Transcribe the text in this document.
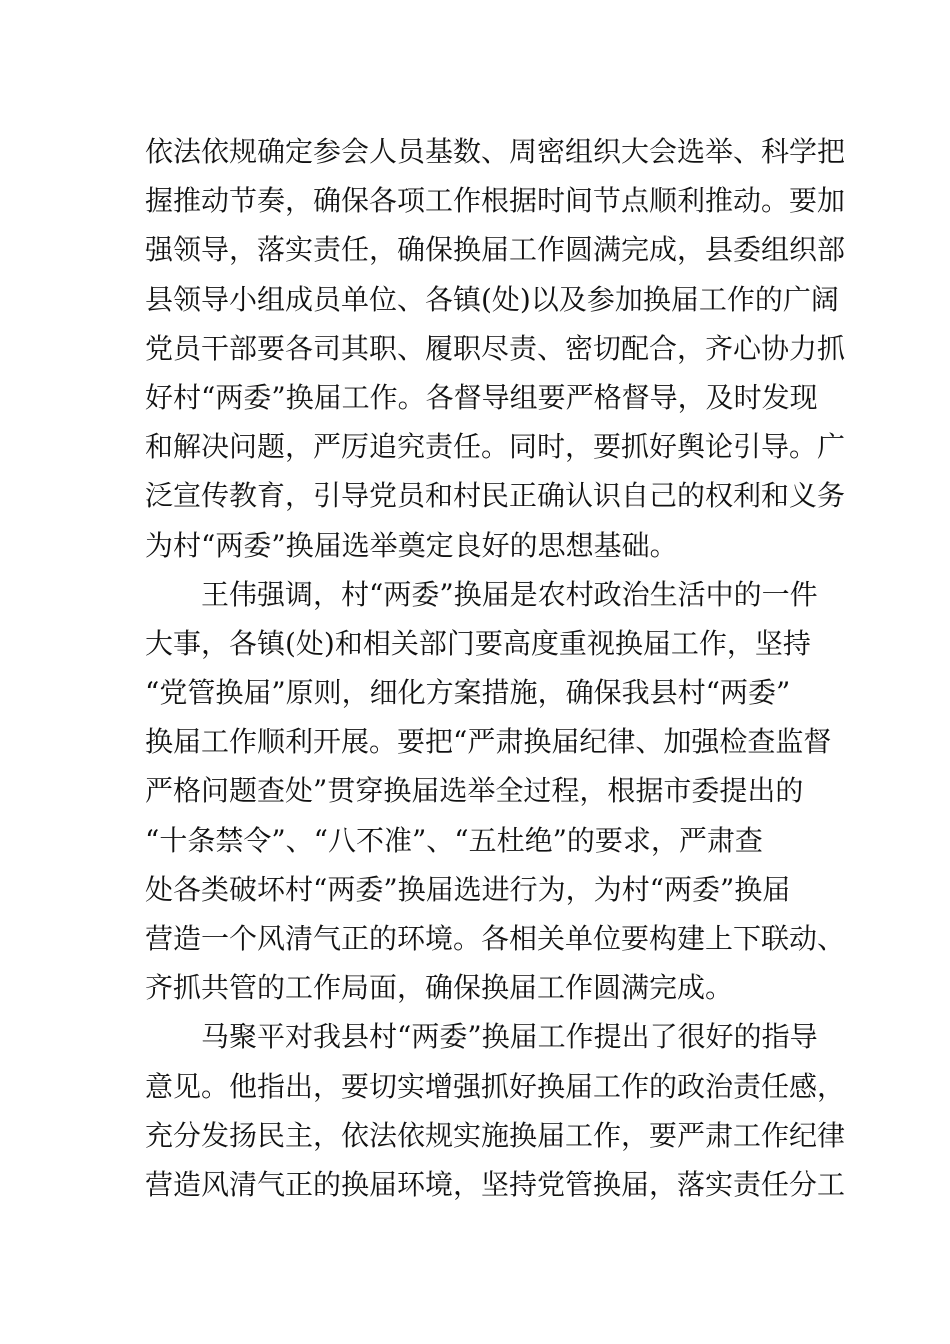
依法依规确定参会人员基数、周密组织大会选举、科学把
握推动节奏，确保各项工作根据时间节点顺利推动。要加
强领导，落实责任，确保换届工作圆满完成，县委组织部
县领导小组成员单位、各镇(处)以及参加换届工作的广阔
党员干部要各司其职、履职尽责、密切配合，齐心协力抓
好村“两委”换届工作。各督导组要严格督导，及时发现
和解决问题，严厉追究责任。同时，要抓好舆论引导。广
泛宣传教育，引导党员和村民正确认识自己的权利和义务
为村“两委”换届选举奠定良好的思想基础。
王伟强调，村“两委”换届是农村政治生活中的一件
大事，各镇(处)和相关部门要高度重视换届工作，坚持
“党管换届”原则，细化方案措施，确保我县村“两委”
换届工作顺利开展。要把“严肃换届纪律、加强检查监督
严格问题查处”贯穿换届选举全过程，根据市委提出的
“十条禁令”、“八不准”、“五杜绝”的要求，严肃查
处各类破坏村“两委”换届选进行为，为村“两委”换届
营造一个风清气正的环境。各相关单位要构建上下联动、
齐抓共管的工作局面，确保换届工作圆满完成。
马聚平对我县村“两委”换届工作提出了很好的指导
意见。他指出，要切实增强抓好换届工作的政治责任感，
充分发扬民主，依法依规实施换届工作，要严肃工作纪律
营造风清气正的换届环境，坚持党管换届，落实责任分工
